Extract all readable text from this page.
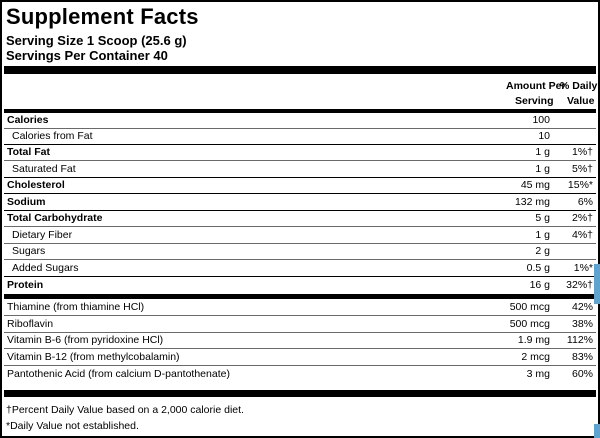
Supplement Facts
Serving Size 1 Scoop (25.6 g)
Servings Per Container 40
Amount Per
Serving
% Daily
Value
Calories	100
Calories from Fat	10
Total Fat	1 g 1%†
Saturated Fat	1 g 5%†
Cholesterol	45 mg 15%*
Sodium	132 mg	6%
Total Carbohydrate	5 g 2%†
Dietary Fiber	1 g 4%†
Sugars	2 g
Added Sugars	0.5 g 1%*
Protein	16 g 32%†
Thiamine (from thiamine HCl)	500 mcg 42%
Riboflavin	500 mcg 38%
Vitamin B-6 (from pyridoxine HCl)	1.9 mg 112%
Vitamin B-12 (from methylcobalamin)	2 mcg 83%
Pantothenic Acid (from calcium D-pantothenate)	3 mg 60%
†Percent Daily Value based on a 2,000 calorie diet.
*Daily Value not established.
